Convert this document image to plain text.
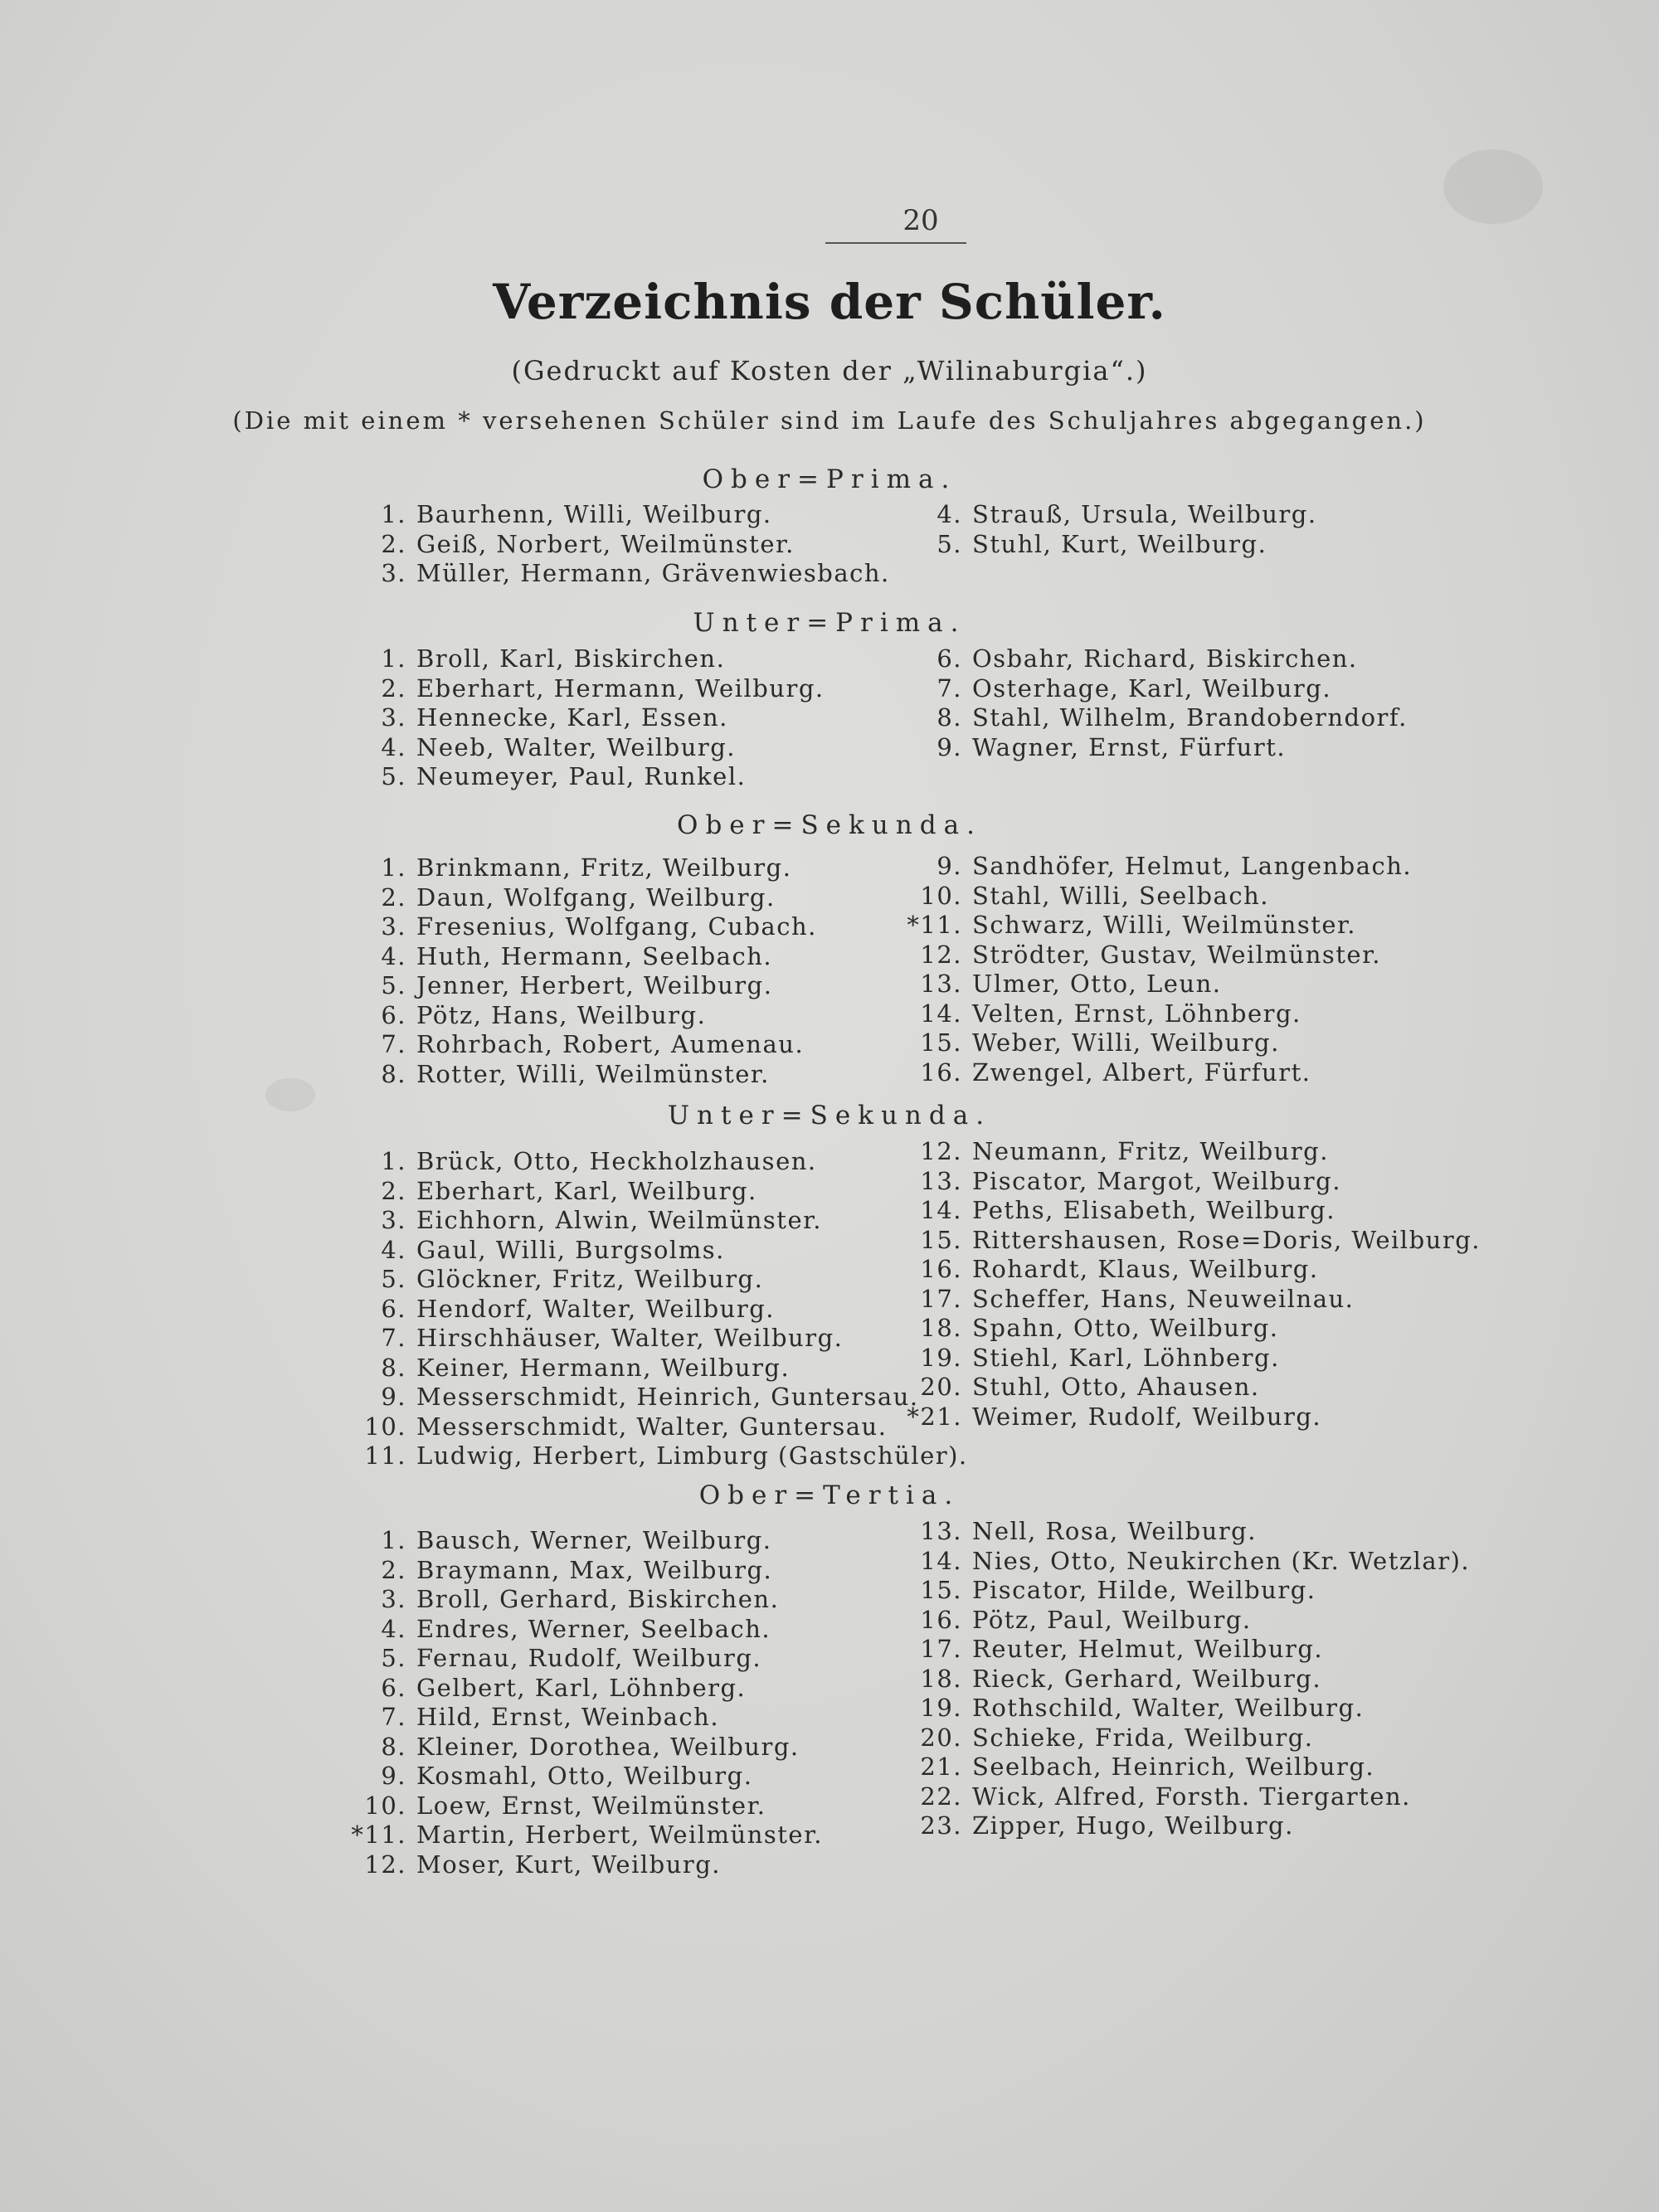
20
Verzeichnis der Schüler.
(Gedruckt auf Kosten der „Wilinaburgia“.)
(Die mit einem * versehenen Schüler sind im Laufe des Schuljahres abgegangen.)
Ober=Prima.
1. Baurhenn, Willi, Weilburg.
2. Geiß, Norbert, Weilmünster.
3. Müller, Hermann, Grävenwiesbach.
4. Strauß, Ursula, Weilburg.
5. Stuhl, Kurt, Weilburg.
Unter=Prima.
1. Broll, Karl, Biskirchen.
2. Eberhart, Hermann, Weilburg.
3. Hennecke, Karl, Essen.
4. Neeb, Walter, Weilburg.
5. Neumeyer, Paul, Runkel.
6. Osbahr, Richard, Biskirchen.
7. Osterhage, Karl, Weilburg.
8. Stahl, Wilhelm, Brandoberndorf.
9. Wagner, Ernst, Fürfurt.
Ober=Sekunda.
1. Brinkmann, Fritz, Weilburg.
2. Daun, Wolfgang, Weilburg.
3. Fresenius, Wolfgang, Cubach.
4. Huth, Hermann, Seelbach.
5. Jenner, Herbert, Weilburg.
6. Pötz, Hans, Weilburg.
7. Rohrbach, Robert, Aumenau.
8. Rotter, Willi, Weilmünster.
9. Sandhöfer, Helmut, Langenbach.
10. Stahl, Willi, Seelbach.
*11. Schwarz, Willi, Weilmünster.
12. Strödter, Gustav, Weilmünster.
13. Ulmer, Otto, Leun.
14. Velten, Ernst, Löhnberg.
15. Weber, Willi, Weilburg.
16. Zwengel, Albert, Fürfurt.
Unter=Sekunda.
1. Brück, Otto, Heckholzhausen.
2. Eberhart, Karl, Weilburg.
3. Eichhorn, Alwin, Weilmünster.
4. Gaul, Willi, Burgsolms.
5. Glöckner, Fritz, Weilburg.
6. Hendorf, Walter, Weilburg.
7. Hirschhäuser, Walter, Weilburg.
8. Keiner, Hermann, Weilburg.
9. Messerschmidt, Heinrich, Guntersau.
10. Messerschmidt, Walter, Guntersau.
11. Ludwig, Herbert, Limburg (Gastschüler).
12. Neumann, Fritz, Weilburg.
13. Piscator, Margot, Weilburg.
14. Peths, Elisabeth, Weilburg.
15. Rittershausen, Rose=Doris, Weilburg.
16. Rohardt, Klaus, Weilburg.
17. Scheffer, Hans, Neuweilnau.
18. Spahn, Otto, Weilburg.
19. Stiehl, Karl, Löhnberg.
20. Stuhl, Otto, Ahausen.
*21. Weimer, Rudolf, Weilburg.
Ober=Tertia.
1. Bausch, Werner, Weilburg.
2. Braymann, Max, Weilburg.
3. Broll, Gerhard, Biskirchen.
4. Endres, Werner, Seelbach.
5. Fernau, Rudolf, Weilburg.
6. Gelbert, Karl, Löhnberg.
7. Hild, Ernst, Weinbach.
8. Kleiner, Dorothea, Weilburg.
9. Kosmahl, Otto, Weilburg.
10. Loew, Ernst, Weilmünster.
*11. Martin, Herbert, Weilmünster.
12. Moser, Kurt, Weilburg.
13. Nell, Rosa, Weilburg.
14. Nies, Otto, Neukirchen (Kr. Wetzlar).
15. Piscator, Hilde, Weilburg.
16. Pötz, Paul, Weilburg.
17. Reuter, Helmut, Weilburg.
18. Rieck, Gerhard, Weilburg.
19. Rothschild, Walter, Weilburg.
20. Schieke, Frida, Weilburg.
21. Seelbach, Heinrich, Weilburg.
22. Wick, Alfred, Forsth. Tiergarten.
23. Zipper, Hugo, Weilburg.
